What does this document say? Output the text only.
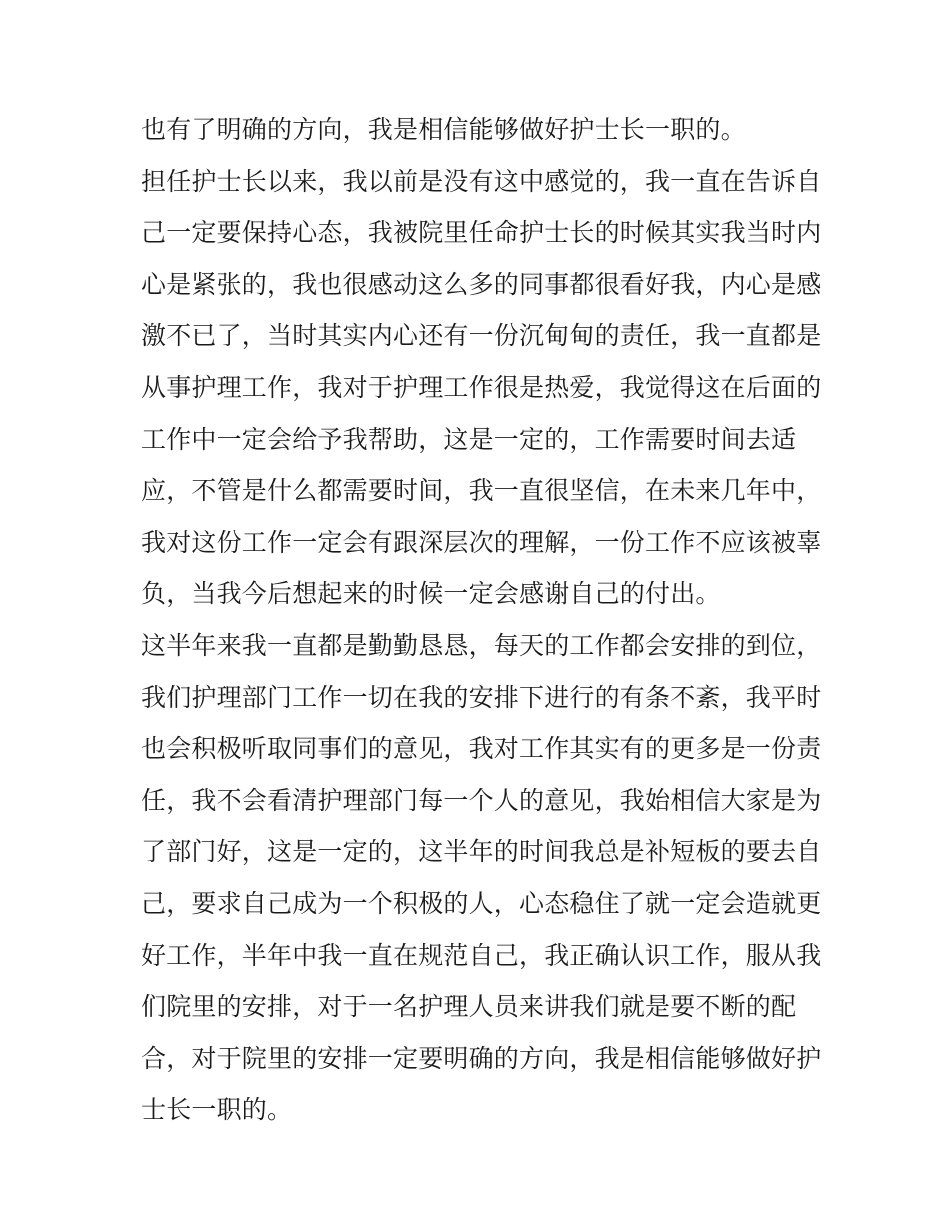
也有了明确的方向，我是相信能够做好护士长一职的。
担任护士长以来，我以前是没有这中感觉的，我一直在告诉自
己一定要保持心态，我被院里任命护士长的时候其实我当时内
心是紧张的，我也很感动这么多的同事都很看好我，内心是感
激不已了，当时其实内心还有一份沉甸甸的责任，我一直都是
从事护理工作，我对于护理工作很是热爱，我觉得这在后面的
工作中一定会给予我帮助，这是一定的，工作需要时间去适
应，不管是什么都需要时间，我一直很坚信，在未来几年中，
我对这份工作一定会有跟深层次的理解，一份工作不应该被辜
负，当我今后想起来的时候一定会感谢自己的付出。
这半年来我一直都是勤勤恳恳，每天的工作都会安排的到位，
我们护理部门工作一切在我的安排下进行的有条不紊，我平时
也会积极听取同事们的意见，我对工作其实有的更多是一份责
任，我不会看清护理部门每一个人的意见，我始相信大家是为
了部门好，这是一定的，这半年的时间我总是补短板的要去自
己，要求自己成为一个积极的人，心态稳住了就一定会造就更
好工作，半年中我一直在规范自己，我正确认识工作，服从我
们院里的安排，对于一名护理人员来讲我们就是要不断的配
合，对于院里的安排一定要明确的方向，我是相信能够做好护
士长一职的。
